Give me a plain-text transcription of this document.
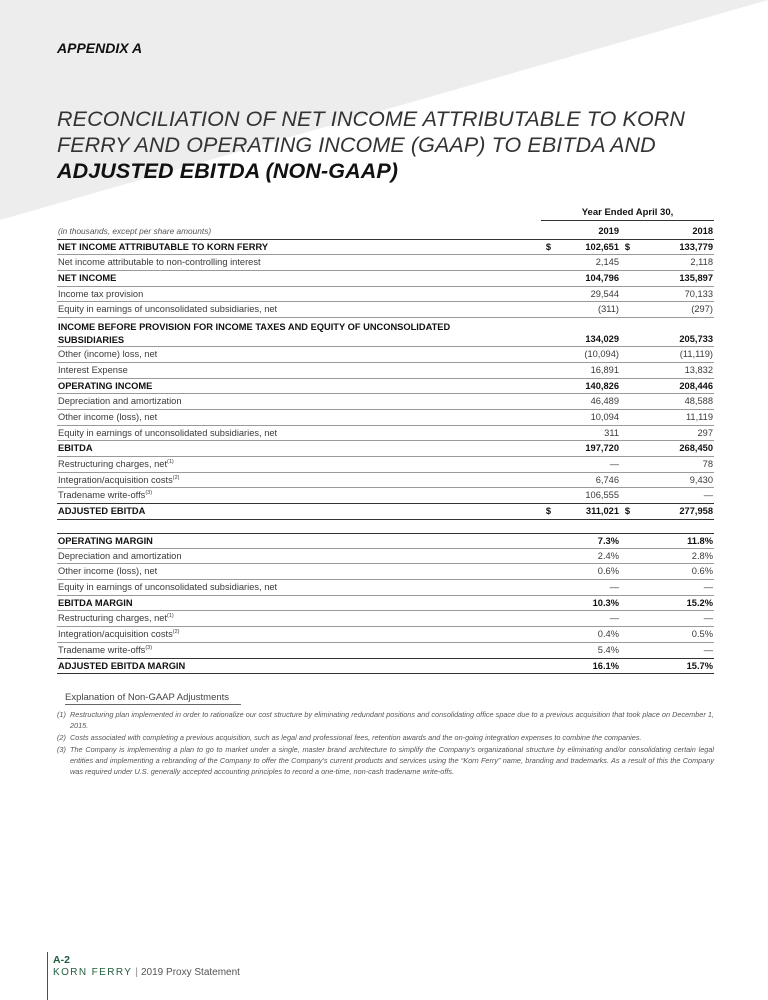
APPENDIX A
RECONCILIATION OF NET INCOME ATTRIBUTABLE TO KORN
FERRY AND OPERATING INCOME (GAAP) TO EBITDA AND
ADJUSTED EBITDA (NON-GAAP)
Year Ended April 30,
(in thousands, except per share amounts)	2019	2018
NET INCOME ATTRIBUTABLE TO KORN FERRY	$	102,651 $	133,779
Net income attributable to non-controlling interest	2,145	2,118
NET INCOME	104,796	135,897
Income tax provision	29,544	70,133
Equity in earnings of unconsolidated subsidiaries, net	(311)	(297)
INCOME BEFORE PROVISION FOR INCOME TAXES AND EQUITY OF UNCONSOLIDATED
SUBSIDIARIES	134,029	205,733
Other (income) loss, net	(10,094)	(11,119)
Interest Expense	16,891	13,832
OPERATING INCOME	140,826	208,446
Depreciation and amortization	46,489	48,588
Other income (loss), net	10,094	11,119
Equity in earnings of unconsolidated subsidiaries, net	311	297
EBITDA	197,720	268,450
Restructuring charges, net$^{(1)}$	—	78
Integration/acquisition costs$^{(2)}$	6,746	9,430
Tradename write-offs$^{(3)}$	106,555	—
ADJUSTED EBITDA	$	311,021 $	277,958
OPERATING MARGIN	7.3%	11.8%
Depreciation and amortization	2.4%	2.8%
Other income (loss), net	0.6%	0.6%
Equity in earnings of unconsolidated subsidiaries, net	—	—
EBITDA MARGIN	10.3%	15.2%
Restructuring charges, net$^{(1)}$	—	—
Integration/acquisition costs$^{(2)}$	0.4%	0.5%
Tradename write-offs$^{(3)}$	5.4%	—
ADJUSTED EBITDA MARGIN	16.1%	15.7%
Explanation of Non-GAAP Adjustments
(1) Restructuring plan implemented in order to rationalize our cost structure by eliminating redundant positions and consolidating office space due to a previous acquisition that took place on December 1, 2015.
(2) Costs associated with completing a previous acquisition, such as legal and professional fees, retention awards and the on-going integration expenses to combine the companies.
(3) The Company is implementing a plan to go to market under a single, master brand architecture to simplify the Company’s organizational structure by eliminating and/or consolidating certain legal entities and implementing a rebranding of the Company to offer the Company’s current products and services using the “Korn Ferry” name, branding and trademarks. As a result of this the Company was required under U.S. generally accepted accounting principles to record a one-time, non-cash tradename write-offs.
A-2
KORN FERRY | 2019 Proxy Statement
